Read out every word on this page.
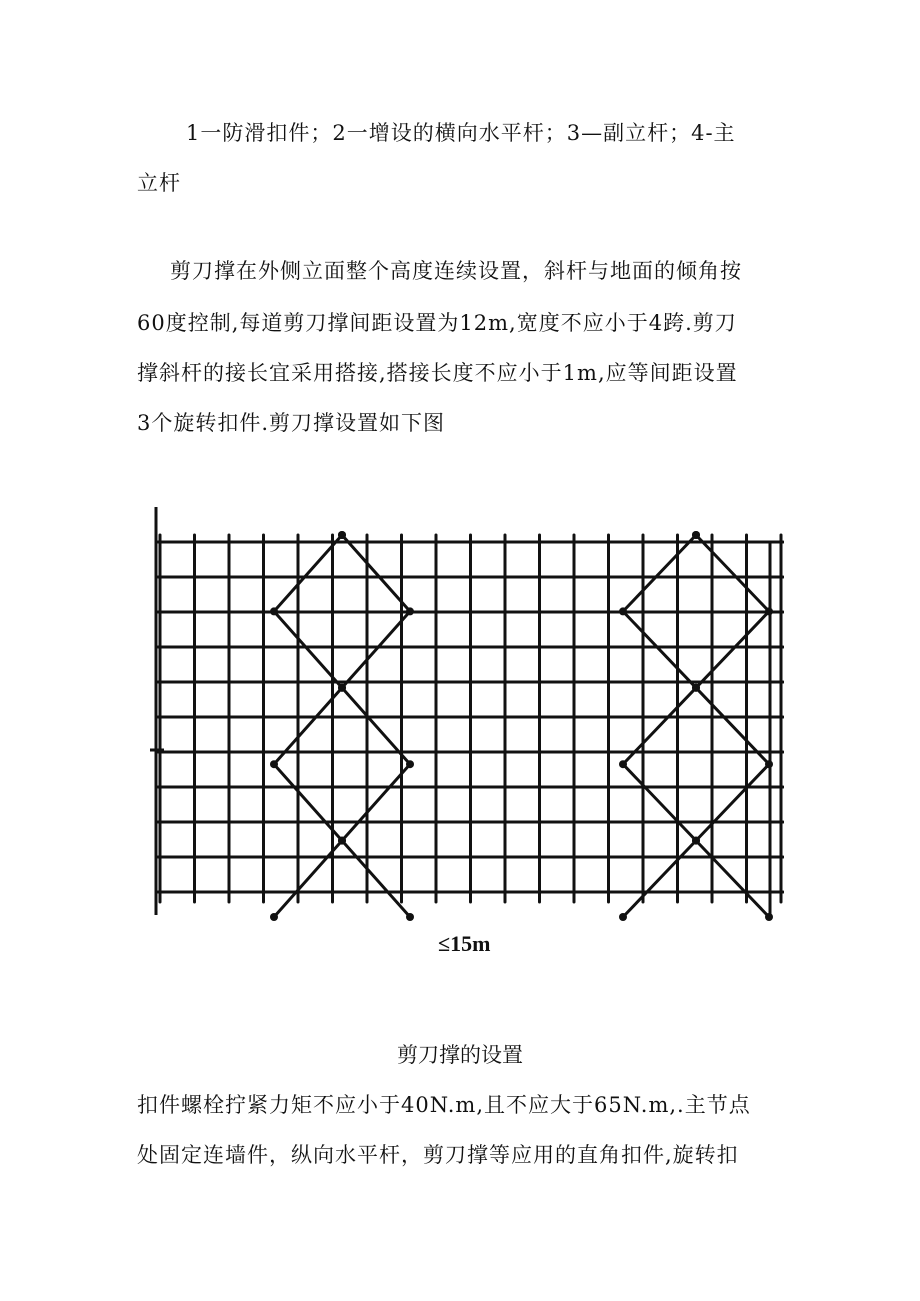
1一防滑扣件；2一增设的横向水平杆；3—副立杆；4-主
立杆
剪刀撑在外侧立面整个高度连续设置，斜杆与地面的倾角按
60度控制,每道剪刀撑间距设置为12m,宽度不应小于4跨.剪刀
撑斜杆的接长宜采用搭接,搭接长度不应小于1m,应等间距设置
3个旋转扣件.剪刀撑设置如下图
≤15m
剪刀撑的设置
扣件螺栓拧紧力矩不应小于40N.m,且不应大于65N.m,.主节点
处固定连墙件，纵向水平杆，剪刀撑等应用的直角扣件,旋转扣
